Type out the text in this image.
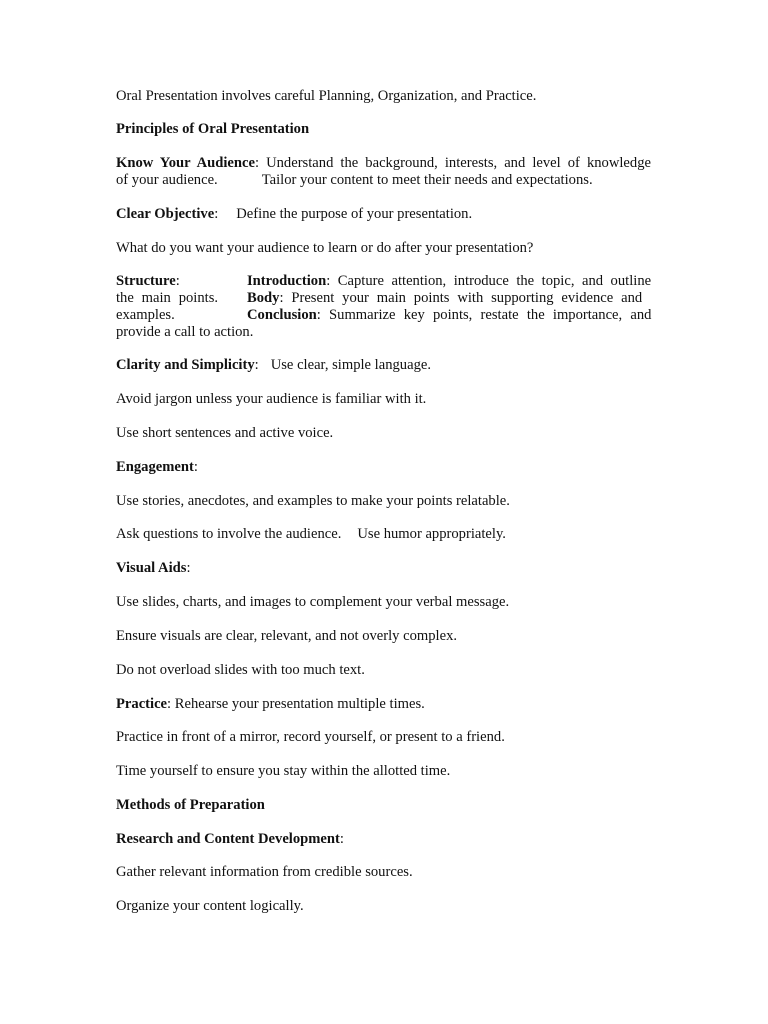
Oral Presentation involves careful Planning, Organization, and Practice.
Principles of Oral Presentation
Know Your Audience: Understand the background, interests, and level of knowledge
of your audience.	Tailor your content to meet their needs and expectations.
Clear Objective: Define the purpose of your presentation.
What do you want your audience to learn or do after your presentation?
Structure:	Introduction: Capture attention, introduce the topic, and outline
the main points. Body: Present your main points with supporting evidence and
examples.	Conclusion: Summarize key points, restate the importance, and
provide a call to action.
Clarity and Simplicity: Use clear, simple language.
Avoid jargon unless your audience is familiar with it.
Use short sentences and active voice.
Engagement:
Use stories, anecdotes, and examples to make your points relatable.
Ask questions to involve the audience. Use humor appropriately.
Visual Aids:
Use slides, charts, and images to complement your verbal message.
Ensure visuals are clear, relevant, and not overly complex.
Do not overload slides with too much text.
Practice: Rehearse your presentation multiple times.
Practice in front of a mirror, record yourself, or present to a friend.
Time yourself to ensure you stay within the allotted time.
Methods of Preparation
Research and Content Development:
Gather relevant information from credible sources.
Organize your content logically.
